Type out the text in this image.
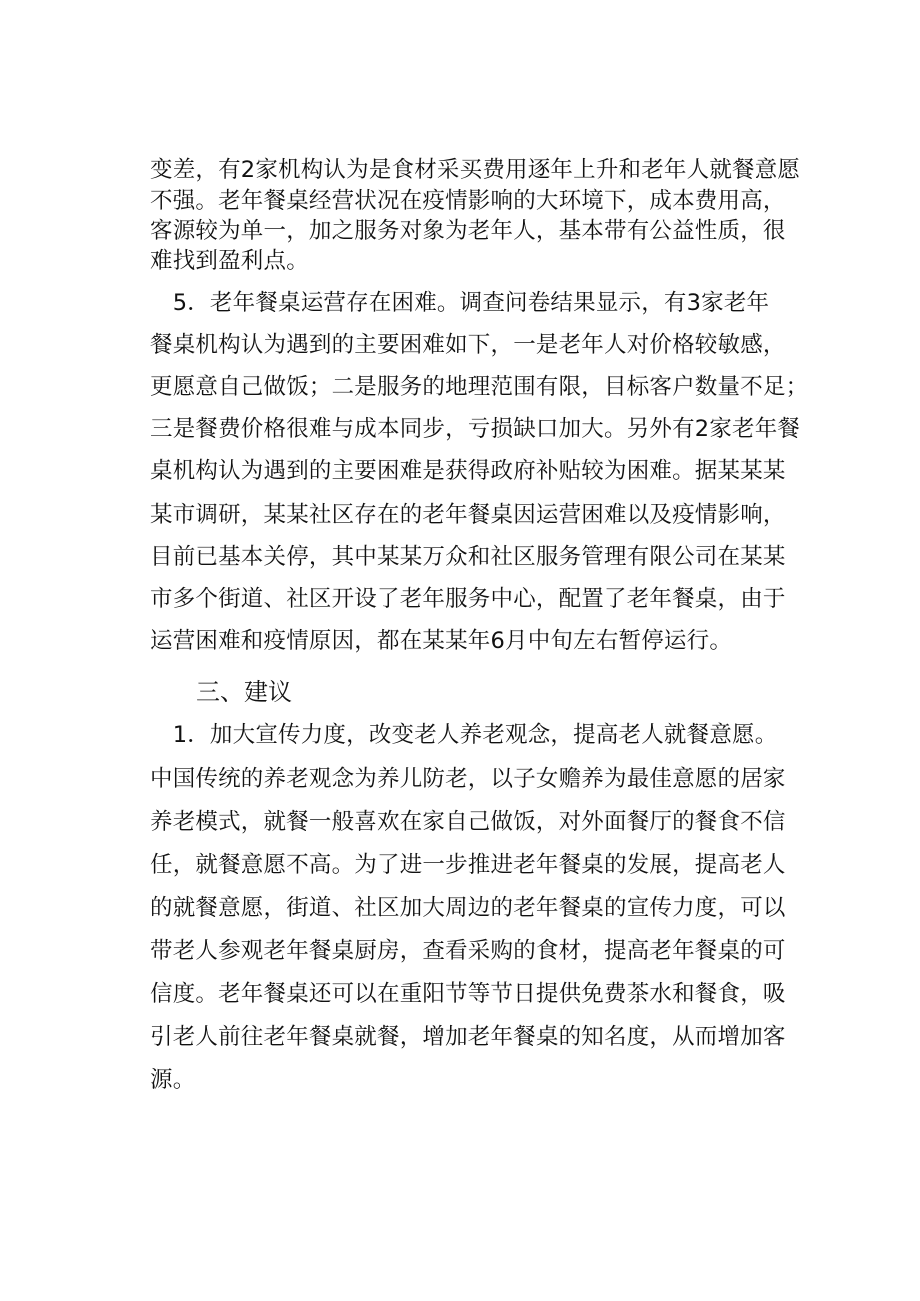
变差，有2家机构认为是食材采买费用逐年上升和老年人就餐意愿
不强。老年餐桌经营状况在疫情影响的大环境下，成本费用高，
客源较为单一，加之服务对象为老年人，基本带有公益性质，很
难找到盈利点。
　5．老年餐桌运营存在困难。调查问卷结果显示，有3家老年
餐桌机构认为遇到的主要困难如下，一是老年人对价格较敏感，
更愿意自己做饭；二是服务的地理范围有限，目标客户数量不足；
三是餐费价格很难与成本同步，亏损缺口加大。另外有2家老年餐
桌机构认为遇到的主要困难是获得政府补贴较为困难。据某某某
某市调研，某某社区存在的老年餐桌因运营困难以及疫情影响，
目前已基本关停，其中某某万众和社区服务管理有限公司在某某
市多个街道、社区开设了老年服务中心，配置了老年餐桌，由于
运营困难和疫情原因，都在某某年6月中旬左右暂停运行。
三、建议
　1．加大宣传力度，改变老人养老观念，提高老人就餐意愿。
中国传统的养老观念为养儿防老，以子女赡养为最佳意愿的居家
养老模式，就餐一般喜欢在家自己做饭，对外面餐厅的餐食不信
任，就餐意愿不高。为了进一步推进老年餐桌的发展，提高老人
的就餐意愿，街道、社区加大周边的老年餐桌的宣传力度，可以
带老人参观老年餐桌厨房，查看采购的食材，提高老年餐桌的可
信度。老年餐桌还可以在重阳节等节日提供免费茶水和餐食，吸
引老人前往老年餐桌就餐，增加老年餐桌的知名度，从而增加客
源。
